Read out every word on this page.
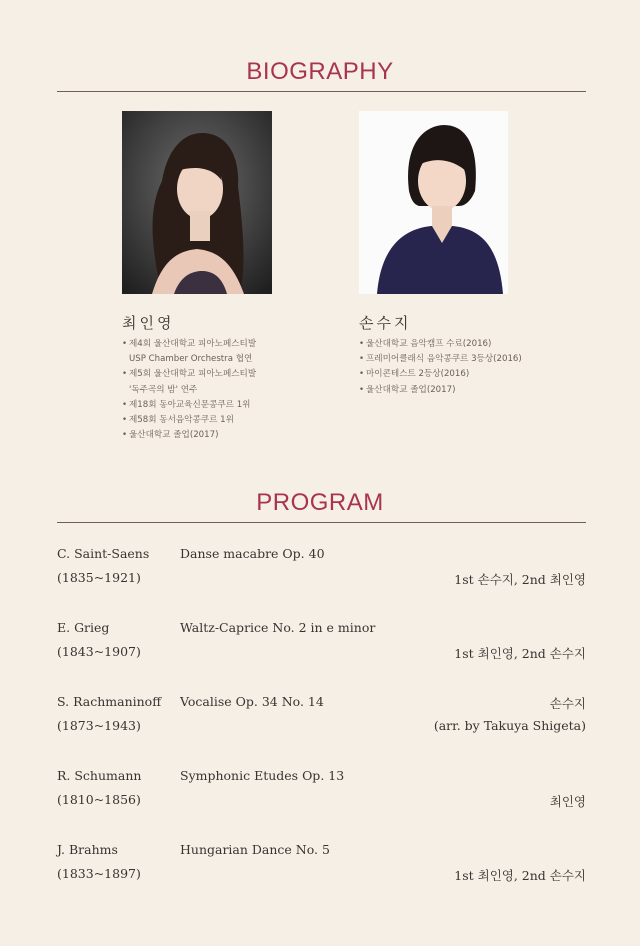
BIOGRAPHY
최인영
• 제4회 울산대학교 피아노페스티발
USP Chamber Orchestra 협연
• 제5회 울산대학교 피아노페스티발
'독주곡의 밤' 연주
• 제18회 동아교육신문콩쿠르 1위
• 제58회 동서음악콩쿠르 1위
• 울산대학교 졸업(2017)
손수지
• 울산대학교 음악캠프 수료(2016)
• 프레미어클래식 음악콩쿠르 3등상(2016)
• 마이콘테스트 2등상(2016)
• 울산대학교 졸업(2017)
PROGRAM
C. Saint-Saens
(1835~1921)
Danse macabre Op. 40
1st 손수지, 2nd 최인영
E. Grieg
(1843~1907)
Waltz-Caprice No. 2 in e minor
1st 최인영, 2nd 손수지
S. Rachmaninoff
(1873~1943)
Vocalise Op. 34 No. 14	손수지
(arr. by Takuya Shigeta)
R. Schumann
(1810~1856)
Symphonic Etudes Op. 13
최인영
J. Brahms
(1833~1897)
Hungarian Dance No. 5
1st 최인영, 2nd 손수지
